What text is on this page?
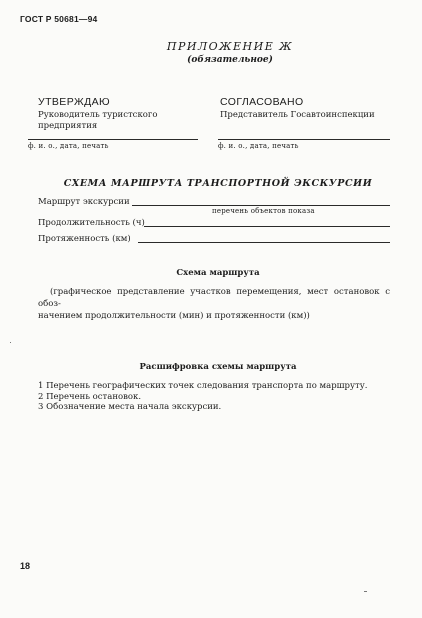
ГОСТ Р 50681—94
ПРИЛОЖЕНИЕ Ж
(обязательное)
УТВЕРЖДАЮ
Руководитель туристского
предприятия
ф. и. о., дата, печать
СОГЛАСОВАНО
Представитель Госавтоинспекции
ф. и. о., дата, печать
СХЕМА МАРШРУТА ТРАНСПОРТНОЙ ЭКСКУРСИИ
Маршрут экскурсии
перечень объектов показа
Продолжительность (ч)
Протяженность (км)
Схема маршрута

(графическое представление участков перемещения, мест остановок с обоз-

начением продолжительности (мин) и протяженности (км))

Расшифровка схемы маршрута
1 Перечень географических точек следования транспорта по маршруту.
2 Перечень остановок.
3 Обозначение места начала экскурсии.
18
